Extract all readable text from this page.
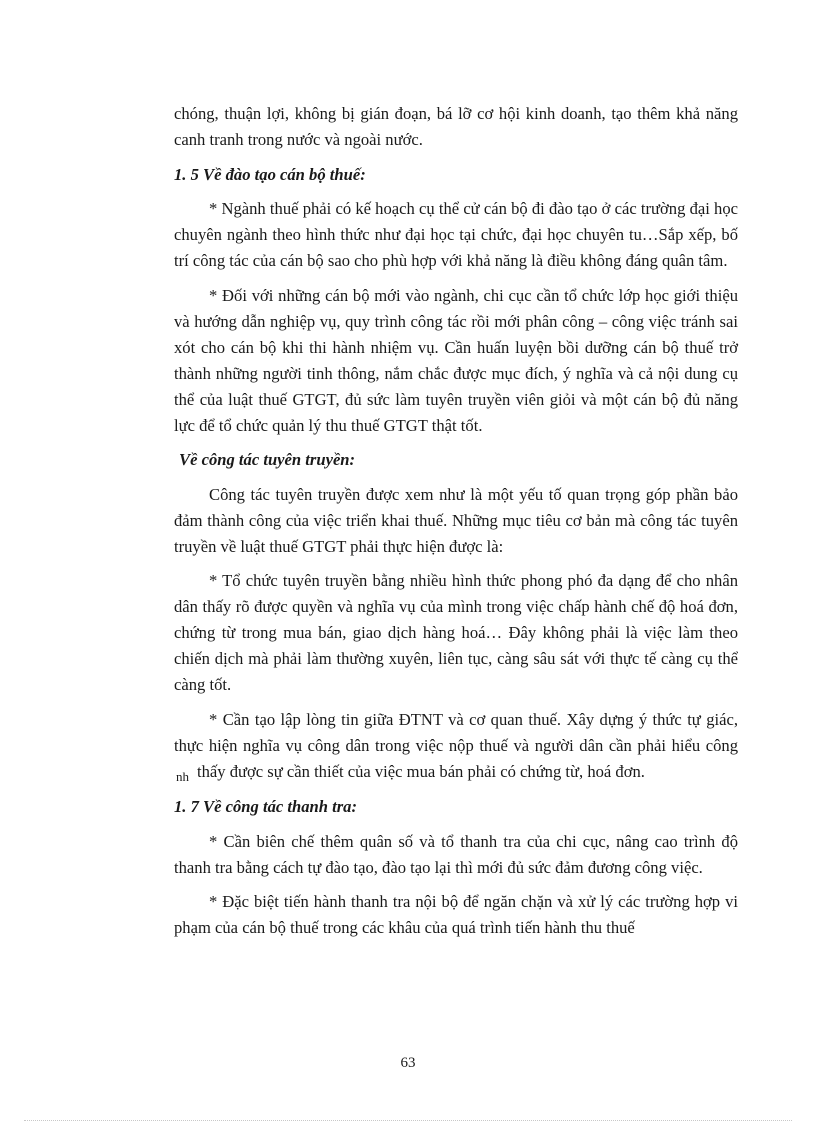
chóng, thuận lợi, không bị gián đoạn, bá lỡ cơ hội kinh doanh, tạo thêm khả năng canh tranh trong nước và ngoài nước.

1. 5 Về đào tạo cán bộ thuế:

* Ngành thuế phải có kế hoạch cụ thể cử cán bộ đi đào tạo ở các trường đại học chuyên ngành theo hình thức như đại học tại chức, đại học chuyên tu…Sắp xếp, bố trí công tác của cán bộ sao cho phù hợp với khả năng là điều không đáng quân tâm.

* Đối với những cán bộ mới vào ngành, chi cục cần tổ chức lớp học giới thiệu và hướng dẫn nghiệp vụ, quy trình công tác rồi mới phân công – công việc tránh sai xót cho cán bộ khi thi hành nhiệm vụ. Cần huấn luyện bồi dưỡng cán bộ thuế trở thành những người tinh thông, nắm chắc được mục đích, ý nghĩa và cả nội dung cụ thể của luật thuế GTGT, đủ sức làm tuyên truyền viên giỏi và một cán bộ đủ năng lực để tổ chức quản lý thu thuế GTGT thật tốt.

Về công tác tuyên truyền:

Công tác tuyên truyền được xem như là một yếu tố quan trọng góp phần bảo đảm thành công của việc triển khai thuế. Những mục tiêu cơ bản mà công tác tuyên truyền về luật thuế GTGT phải thực hiện được là:

* Tổ chức tuyên truyền bằng nhiều hình thức phong phó đa dạng để cho nhân dân thấy rõ được quyền và nghĩa vụ của mình trong việc chấp hành chế độ hoá đơn, chứng từ trong mua bán, giao dịch hàng hoá… Đây không phải là việc làm theo chiến dịch mà phải làm thường xuyên, liên tục, càng sâu sát với thực tế càng cụ thể càng tốt.

* Cần tạo lập lòng tin giữa ĐTNT và cơ quan thuế. Xây dựng ý thức tự giác, thực hiện nghĩa vụ công dân trong việc nộp thuế và người dân cần phải hiểu công $_{nh}$ thấy được sự cần thiết của việc mua bán phải có chứng từ, hoá đơn.

1. 7 Về công tác thanh tra:

* Cần biên chế thêm quân số và tổ thanh tra của chi cục, nâng cao trình độ thanh tra bằng cách tự đào tạo, đào tạo lại thì mới đủ sức đảm đương công việc.

* Đặc biệt tiến hành thanh tra nội bộ để ngăn chặn và xử lý các trường hợp vi phạm của cán bộ thuế trong các khâu của quá trình tiến hành thu thuế

63
